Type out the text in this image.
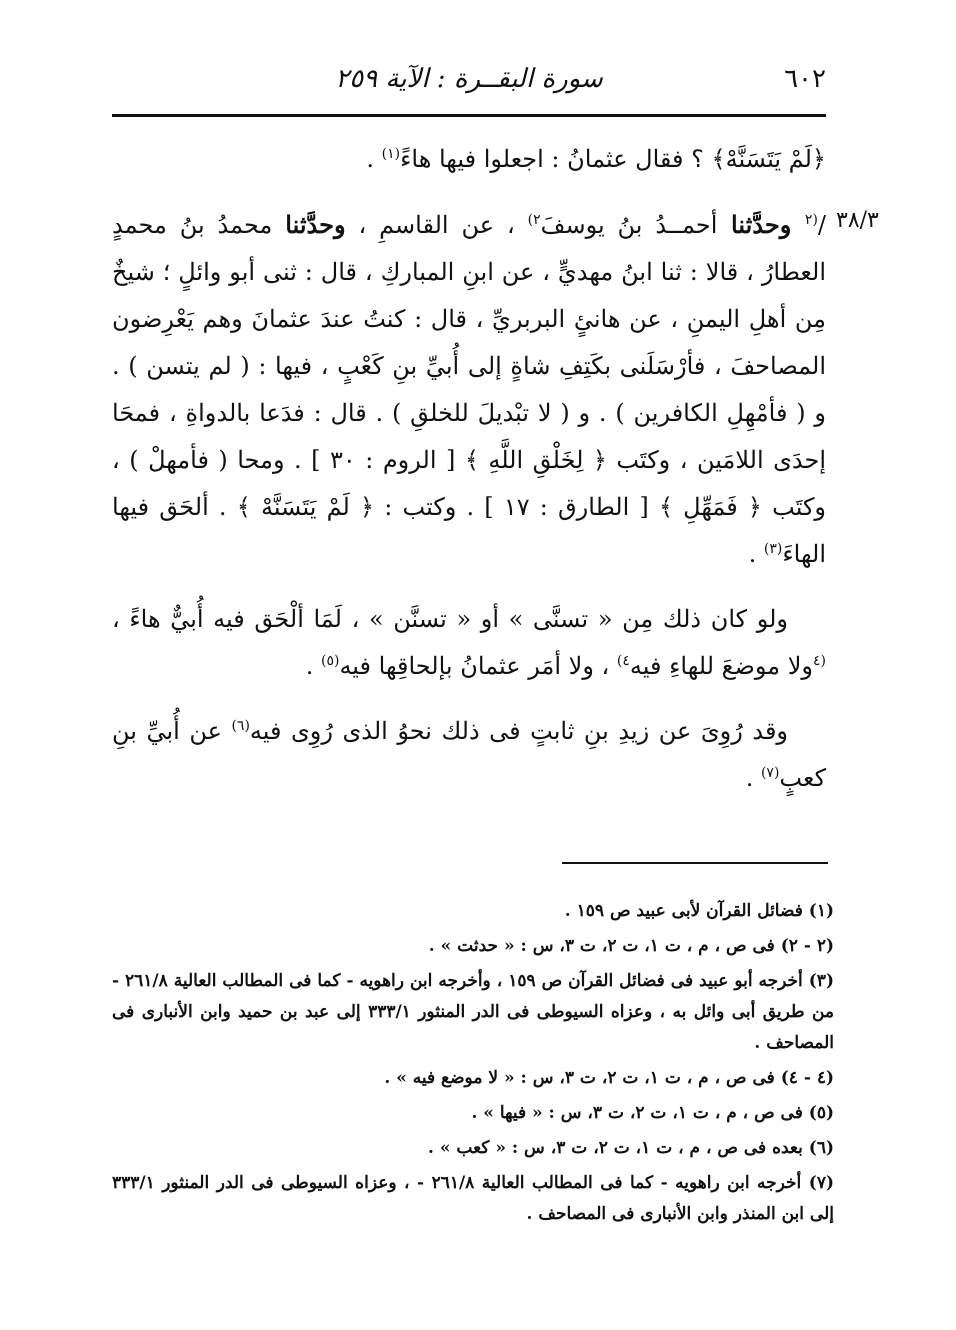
٦٠٢
سورة البقــرة : الآية ٢٥٩
٣٨/٣

﴿لَمْ يَتَسَنَّهْ﴾ ؟ فقال عثمانُ : اجعلوا فيها هاءً$^{(١)}$ .

/$^{(٢}$ وحدَّثنا أحمــدُ بنُ يوسفَ$^{٢)}$ ، عن القاسمِ ، وحدَّثنا محمدُ بنُ محمدٍ العطارُ ، قالا : ثنا ابنُ مهديٍّ ، عن ابنِ المباركِ ، قال : ثنى أبو وائلٍ ؛ شيخٌ مِن أهلِ اليمنِ ، عن هانئٍ البربريِّ ، قال : كنتُ عندَ عثمانَ وهم يَعْرِضون المصاحفَ ، فأرْسَلَنى بكَتِفِ شاةٍ إلى أُبيِّ بنِ كَعْبٍ ، فيها : ( لم يتسن ) . و ( فأمْهِلِ الكافرين ) . و ( لا تبْديلَ للخلقِ ) . قال : فدَعا بالدواةِ ، فمحَا إحدَى اللامَين ، وكتَب ﴿ لِخَلْقِ اللَّهِ ﴾ [ الروم : ٣٠ ] . ومحا ( فأمهلْ ) ، وكتَب ﴿ فَمَهِّلِ ﴾ [ الطارق : ١٧ ] . وكتب : ﴿ لَمْ يَتَسَنَّهْ ﴾ . ألحَق فيها الهاءَ$^{(٣)}$ .

ولو كان ذلك مِن « تسنَّى » أو « تسنَّن » ، لَمَا ألْحَق فيه أُبيٌّ هاءً ، $^{(٤}$ولا موضعَ للهاءِ فيه$^{٤)}$ ، ولا أمَر عثمانُ بإلحاقِها فيه$^{(٥)}$ .

وقد رُوِىَ عن زيدِ بنِ ثابتٍ فى ذلك نحوُ الذى رُوِى فيه$^{(٦)}$ عن أُبيِّ بنِ كعبٍ$^{(٧)}$ .

(١) فضائل القرآن لأبى عبيد ص ١٥٩ .

(٢ - ٢) فى ص ، م ، ت ١، ت ٢، ت ٣، س : « حدثت » .

(٣) أخرجه أبو عبيد فى فضائل القرآن ص ١٥٩ ، وأخرجه ابن راهويه - كما فى المطالب العالية ٢٦١/٨ - من طريق أبى وائل به ، وعزاه السيوطى فى الدر المنثور ٣٣٣/١ إلى عبد بن حميد وابن الأنبارى فى المصاحف .

(٤ - ٤) فى ص ، م ، ت ١، ت ٢، ت ٣، س : « لا موضع فيه » .

(٥) فى ص ، م ، ت ١، ت ٢، ت ٣، س : « فيها » .

(٦) بعده فى ص ، م ، ت ١، ت ٢، ت ٣، س : « كعب » .

(٧) أخرجه ابن راهويه - كما فى المطالب العالية ٢٦١/٨ - ، وعزاه السيوطى فى الدر المنثور ٣٣٣/١ إلى ابن المنذر وابن الأنبارى فى المصاحف .
